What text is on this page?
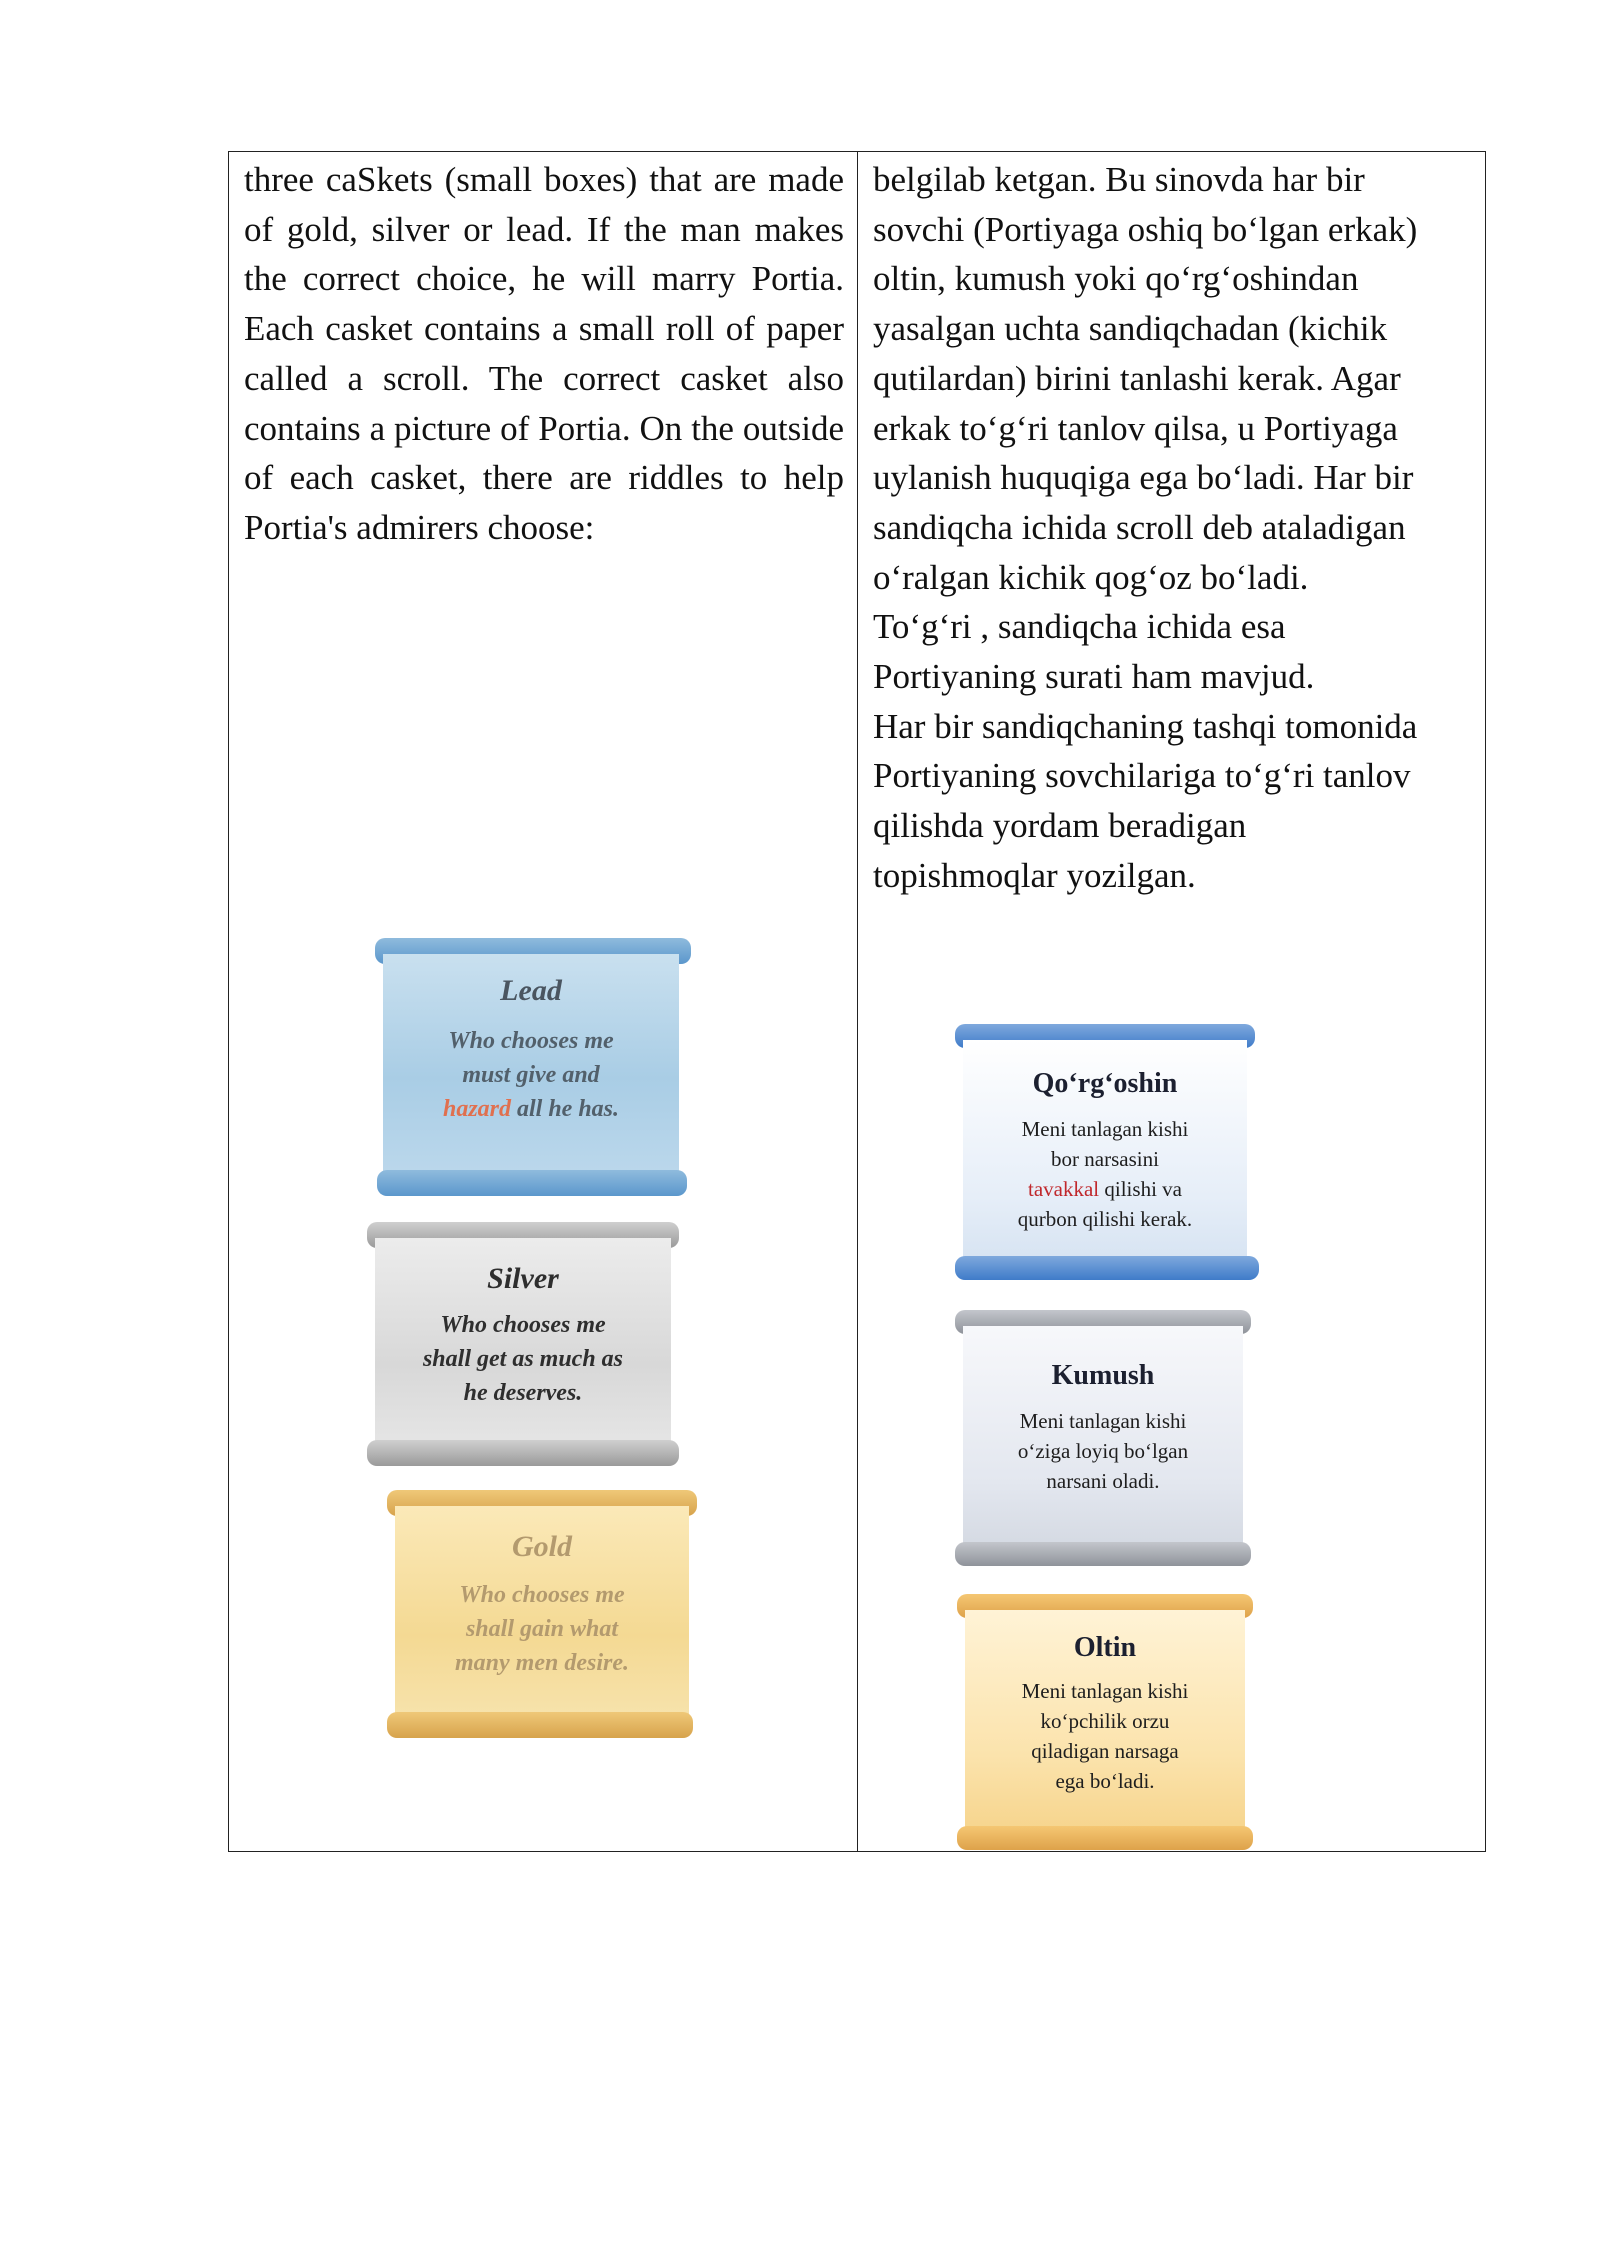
three caSkets (small boxes) that are made of gold, silver or lead. If the man makes the correct choice, he will marry Portia. Each casket contains a small roll of paper called a scroll. The correct casket also contains a picture of Portia. On the outside of each casket, there are riddles to help Portia's admirers choose:

belgilab ketgan. Bu sinovda har bir
sovchi (Portiyaga oshiq bo‘lgan erkak)
oltin, kumush yoki qo‘rg‘oshindan
yasalgan uchta sandiqchadan (kichik
qutilardan) birini tanlashi kerak. Agar
erkak to‘g‘ri tanlov qilsa, u Portiyaga
uylanish huquqiga ega bo‘ladi. Har bir
sandiqcha ichida scroll deb ataladigan
o‘ralgan kichik qog‘oz bo‘ladi.
To‘g‘ri , sandiqcha ichida esa
Portiyaning surati ham mavjud.
Har bir sandiqchaning tashqi tomonida
Portiyaning sovchilariga to‘g‘ri tanlov
qilishda yordam beradigan
topishmoqlar yozilgan.
Lead
Who chooses me
must give and
hazard all he has.
Silver
Who chooses me
shall get as much as
he deserves.
Gold
Who chooses me
shall gain what
many men desire.
Qo‘rg‘oshin
Meni tanlagan kishi
bor narsasini
tavakkal qilishi va
qurbon qilishi kerak.
Kumush
Meni tanlagan kishi
o‘ziga loyiq bo‘lgan
narsani oladi.
Oltin
Meni tanlagan kishi
ko‘pchilik orzu
qiladigan narsaga
ega bo‘ladi.
